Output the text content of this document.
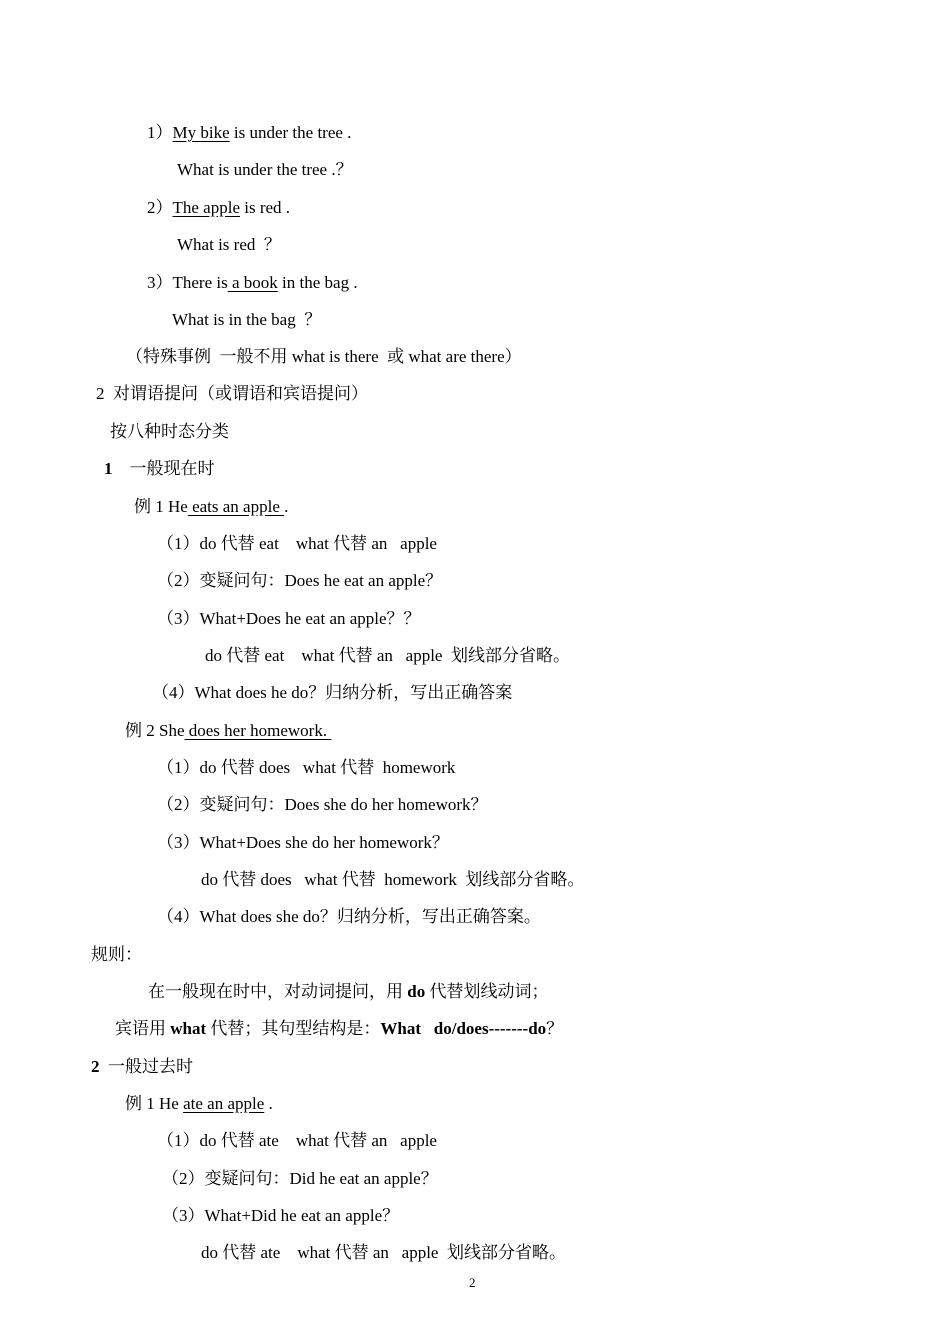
1）My bike is under the tree .
What is under the tree .？
2）The apple is red .
What is red  ？
3）There is a book in the bag .
What is in the bag  ？
（特殊事例  一般不用 what is there  或 what are there）
2  对谓语提问（或谓语和宾语提问）
按八种时态分类
1    一般现在时
例 1 He eats an apple .
（1）do 代替 eat    what 代替 an   apple
（2）变疑问句：Does he eat an apple？
（3）What+Does he eat an apple？？
do 代替 eat    what 代替 an   apple  划线部分省略。
（4）What does he do？归纳分析，写出正确答案
例 2 She does her homework.
（1）do 代替 does   what 代替  homework
（2）变疑问句：Does she do her homework？
（3）What+Does she do her homework？
do 代替 does   what 代替  homework  划线部分省略。
（4）What does she do？归纳分析，写出正确答案。
规则：
在一般现在时中，对动词提问，用 do 代替划线动词；
宾语用 what 代替；其句型结构是：What   do/does-------do？
2  一般过去时
例 1 He ate an apple .
（1）do 代替 ate    what 代替 an   apple
（2）变疑问句：Did he eat an apple？
（3）What+Did he eat an apple？
do 代替 ate    what 代替 an   apple  划线部分省略。
2
